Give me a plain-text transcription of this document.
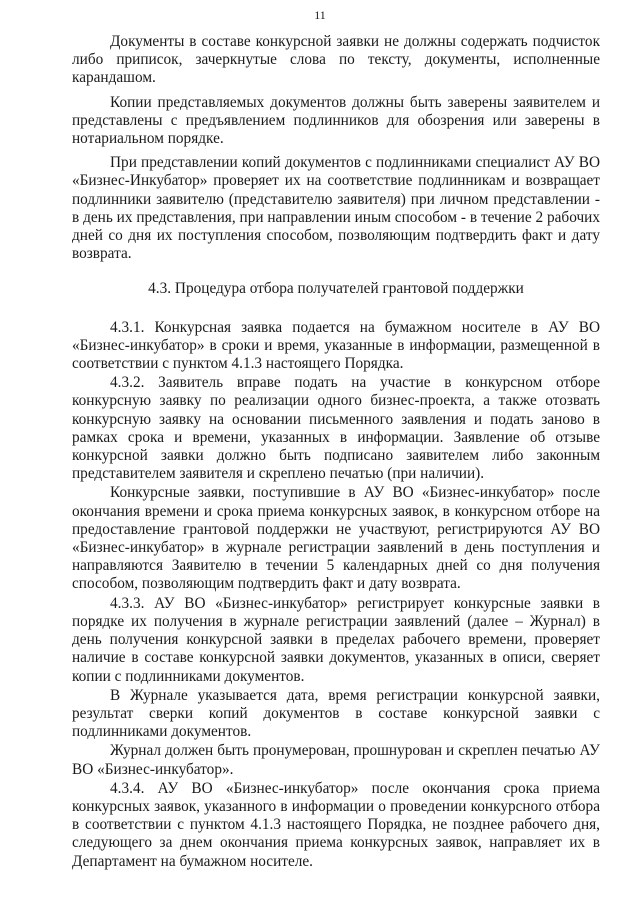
11

Документы в составе конкурсной заявки не должны содержать подчисток либо приписок, зачеркнутые слова по тексту, документы, исполненные карандашом.

Копии представляемых документов должны быть заверены заявителем и представлены с предъявлением подлинников для обозрения или заверены в нотариальном порядке.

При представлении копий документов с подлинниками специалист АУ ВО «Бизнес-Инкубатор» проверяет их на соответствие подлинникам и возвращает подлинники заявителю (представителю заявителя) при личном представлении - в день их представления, при направлении иным способом - в течение 2 рабочих дней со дня их поступления способом, позволяющим подтвердить факт и дату возврата.

4.3. Процедура отбора получателей грантовой поддержки

4.3.1. Конкурсная заявка подается на бумажном носителе в АУ ВО «Бизнес-инкубатор» в сроки и время, указанные в информации, размещенной в соответствии с пунктом 4.1.3 настоящего Порядка.

4.3.2. Заявитель вправе подать на участие в конкурсном отборе конкурсную заявку по реализации одного бизнес-проекта, а также отозвать конкурсную заявку на основании письменного заявления и подать заново в рамках срока и времени, указанных в информации. Заявление об отзыве конкурсной заявки должно быть подписано заявителем либо законным представителем заявителя и скреплено печатью (при наличии).

Конкурсные заявки, поступившие в АУ ВО «Бизнес-инкубатор» после окончания времени и срока приема конкурсных заявок, в конкурсном отборе на предоставление грантовой поддержки не участвуют, регистрируются АУ ВО «Бизнес-инкубатор» в журнале регистрации заявлений в день поступления и направляются Заявителю в течении 5 календарных дней со дня получения способом, позволяющим подтвердить факт и дату возврата.

4.3.3. АУ ВО «Бизнес-инкубатор» регистрирует конкурсные заявки в порядке их получения в журнале регистрации заявлений (далее – Журнал) в день получения конкурсной заявки в пределах рабочего времени, проверяет наличие в составе конкурсной заявки документов, указанных в описи, сверяет копии с подлинниками документов.

В Журнале указывается дата, время регистрации конкурсной заявки, результат сверки копий документов в составе конкурсной заявки с подлинниками документов.

Журнал должен быть пронумерован, прошнурован и скреплен печатью АУ ВО «Бизнес-инкубатор».

4.3.4. АУ ВО «Бизнес-инкубатор» после окончания срока приема конкурсных заявок, указанного в информации о проведении конкурсного отбора в соответствии с пунктом 4.1.3 настоящего Порядка, не позднее рабочего дня, следующего за днем окончания приема конкурсных заявок, направляет их в Департамент на бумажном носителе.
